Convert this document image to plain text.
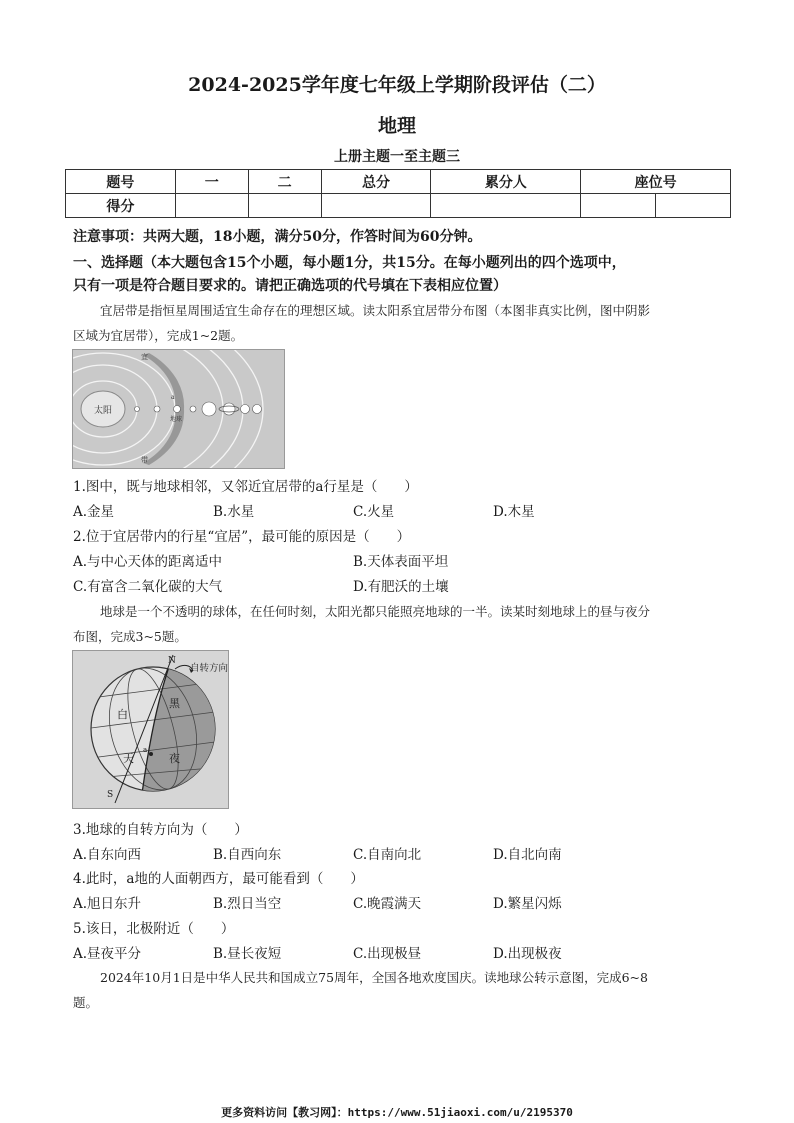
2024-2025学年度七年级上学期阶段评估（二）
地理
上册主题一至主题三
题号	一	二	总分	累分人	座位号	
得分						
注意事项：共两大题，18小题，满分50分，作答时间为60分钟。
一、选择题（本大题包含15个小题，每小题1分，共15分。在每小题列出的四个选项中，
只有一项是符合题目要求的。请把正确选项的代号填在下表相应位置）
宜居带是指恒星周围适宜生命存在的理想区域。读太阳系宜居带分布图（本图非真实比例，图中阴影
区域为宜居带），完成1~2题。
太阳
宜
带
a
地球
1.图中，既与地球相邻，又邻近宜居带的a行星是（　　）
A.金星	B.水星	C.火星	D.木星
2.位于宜居带内的行星“宜居”，最可能的原因是（　　）
A.与中心天体的距离适中	B.天体表面平坦
C.有富含二氧化碳的大气	D.有肥沃的土壤
地球是一个不透明的球体，在任何时刻，太阳光都只能照亮地球的一半。读某时刻地球上的昼与夜分
布图，完成3~5题。
N
S
自转方向
白
天
黑
夜
a
3.地球的自转方向为（　　）
A.自东向西	B.自西向东	C.自南向北	D.自北向南
4.此时，a地的人面朝西方，最可能看到（　　）
A.旭日东升	B.烈日当空	C.晚霞满天	D.繁星闪烁
5.该日，北极附近（　　）
A.昼夜平分	B.昼长夜短	C.出现极昼	D.出现极夜
2024年10月1日是中华人民共和国成立75周年，全国各地欢度国庆。读地球公转示意图，完成6~8
题。
更多资料访问【教习网】：https://www.51jiaoxi.com/u/2195370
